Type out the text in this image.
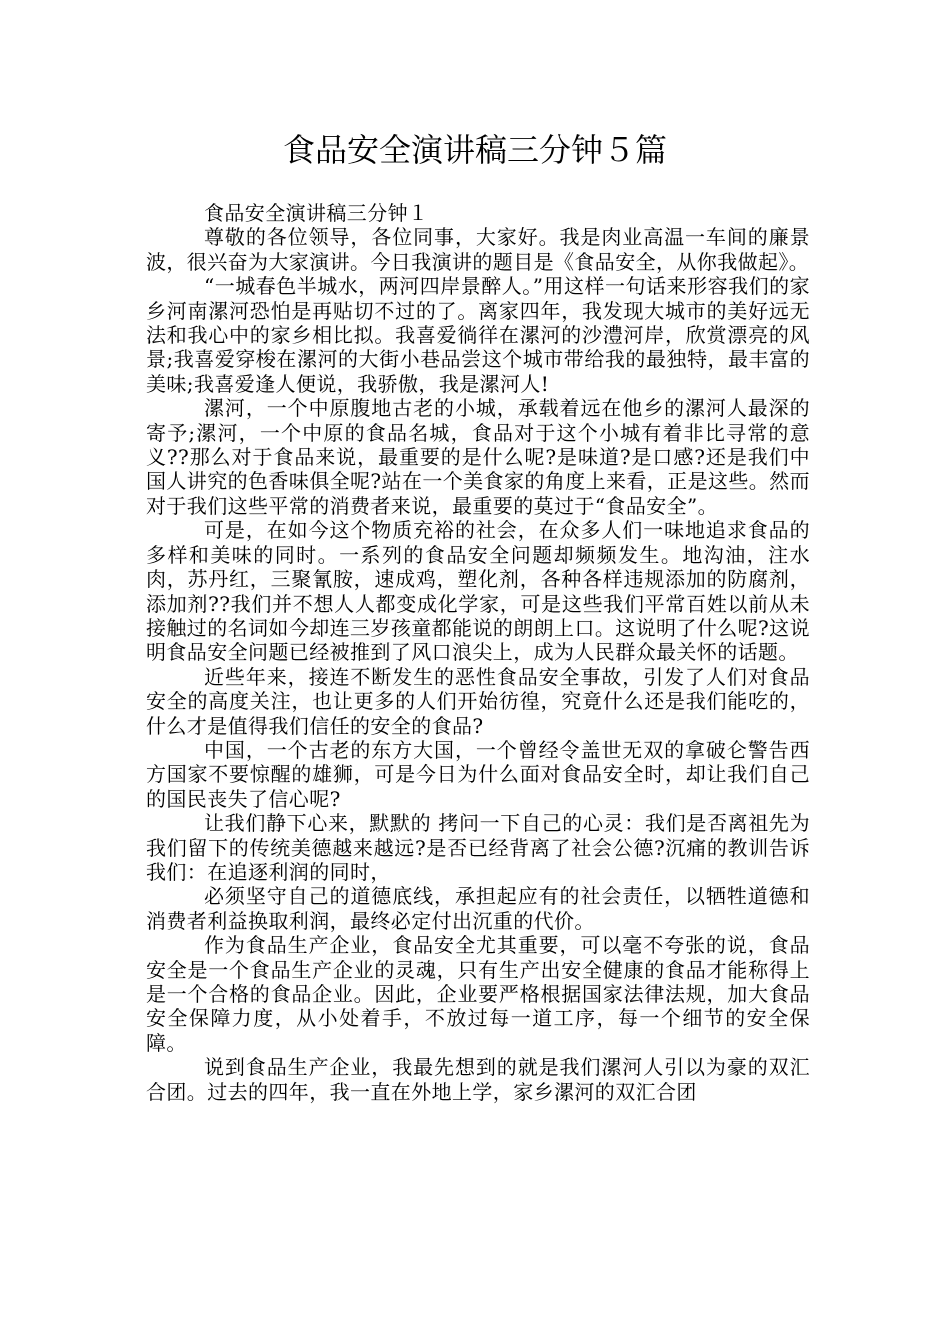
食品安全演讲稿三分钟５篇

食品安全演讲稿三分钟１

尊敬的各位领导，各位同事，大家好。我是肉业高温一车间的廉景波，很兴奋为大家演讲。今日我演讲的题目是《食品安全，从你我做起》。

“一城春色半城水，两河四岸景醉人。”用这样一句话来形容我们的家乡河南漯河恐怕是再贴切不过的了。离家四年，我发现大城市的美好远无法和我心中的家乡相比拟。我喜爱徜徉在漯河的沙澧河岸，欣赏漂亮的风景;我喜爱穿梭在漯河的大街小巷品尝这个城市带给我的最独特，最丰富的美味;我喜爱逢人便说，我骄傲，我是漯河人!

漯河，一个中原腹地古老的小城，承载着远在他乡的漯河人最深的寄予;漯河，一个中原的食品名城，食品对于这个小城有着非比寻常的意义??那么对于食品来说，最重要的是什么呢?是味道?是口感?还是我们中国人讲究的色香味俱全呢?站在一个美食家的角度上来看，正是这些。然而对于我们这些平常的消费者来说，最重要的莫过于“食品安全”。

可是，在如今这个物质充裕的社会，在众多人们一味地追求食品的多样和美味的同时。一系列的食品安全问题却频频发生。地沟油，注水肉，苏丹红，三聚氰胺，速成鸡，塑化剂，各种各样违规添加的防腐剂，添加剂??我们并不想人人都变成化学家，可是这些我们平常百姓以前从未接触过的名词如今却连三岁孩童都能说的朗朗上口。这说明了什么呢?这说明食品安全问题已经被推到了风口浪尖上，成为人民群众最关怀的话题。

近些年来，接连不断发生的恶性食品安全事故，引发了人们对食品安全的高度关注，也让更多的人们开始彷徨，究竟什么还是我们能吃的，什么才是值得我们信任的安全的食品?

中国，一个古老的东方大国，一个曾经令盖世无双的拿破仑警告西方国家不要惊醒的雄狮，可是今日为什么面对食品安全时，却让我们自己的国民丧失了信心呢?

让我们静下心来，默默的 拷问一下自己的心灵：我们是否离祖先为我们留下的传统美德越来越远?是否已经背离了社会公德?沉痛的教训告诉我们：在追逐利润的同时，

必须坚守自己的道德底线，承担起应有的社会责任，以牺牲道德和消费者利益换取利润，最终必定付出沉重的代价。

作为食品生产企业，食品安全尤其重要，可以毫不夸张的说，食品安全是一个食品生产企业的灵魂，只有生产出安全健康的食品才能称得上是一个合格的食品企业。因此，企业要严格根据国家法律法规，加大食品安全保障力度，从小处着手，不放过每一道工序，每一个细节的安全保障。

说到食品生产企业，我最先想到的就是我们漯河人引以为豪的双汇合团。过去的四年，我一直在外地上学，家乡漯河的双汇合团
